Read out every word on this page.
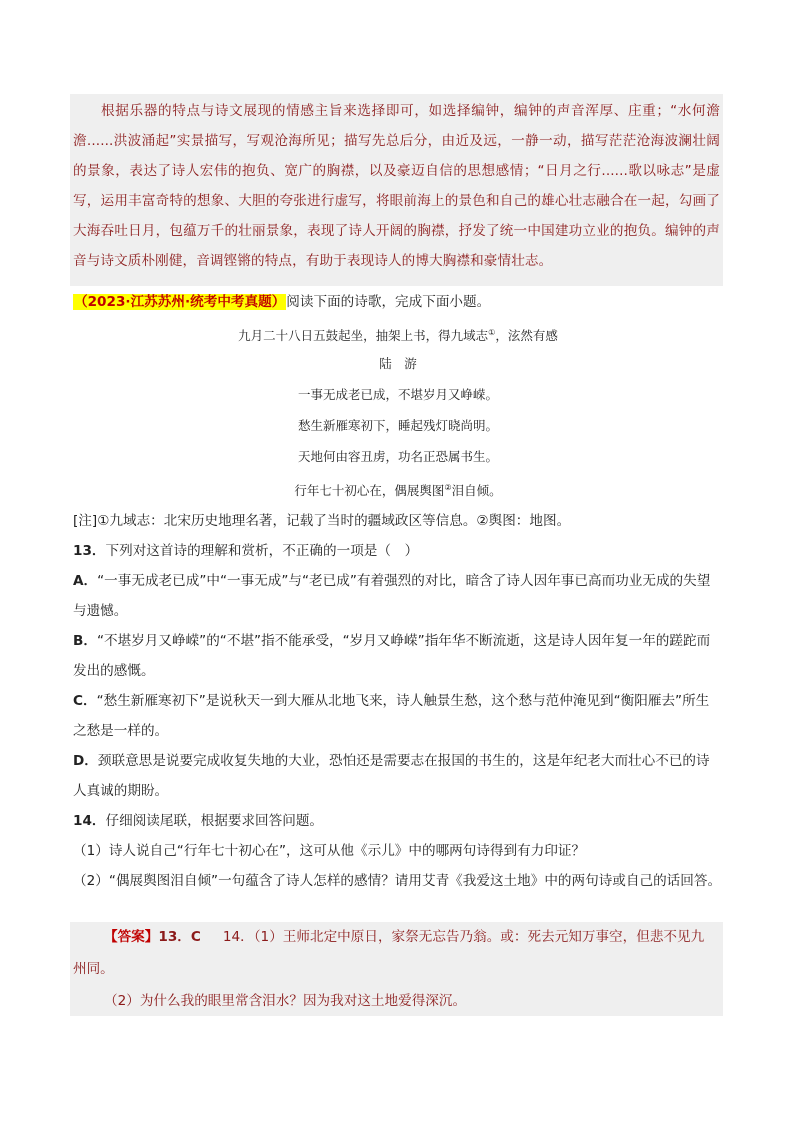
根据乐器的特点与诗文展现的情感主旨来选择即可，如选择编钟，编钟的声音浑厚、庄重；“水何澹澹......洪波涌起”实景描写，写观沧海所见；描写先总后分，由近及远，一静一动，描写茫茫沧海波澜壮阔的景象，表达了诗人宏伟的抱负、宽广的胸襟，以及豪迈自信的思想感情；“日月之行......歌以咏志”是虚写，运用丰富奇特的想象、大胆的夸张进行虚写，将眼前海上的景色和自己的雄心壮志融合在一起，勾画了大海吞吐日月，包蕴万千的壮丽景象，表现了诗人开阔的胸襟，抒发了统一中国建功立业的抱负。编钟的声音与诗文质朴刚健，音调铿锵的特点，有助于表现诗人的博大胸襟和豪情壮志。

（2023·江苏苏州·统考中考真题）阅读下面的诗歌，完成下面小题。
九月二十八日五鼓起坐，抽架上书，得九域志①，泫然有感
陆　游
一事无成老已成，不堪岁月又峥嵘。
愁生新雁寒初下，睡起残灯晓尚明。
天地何由容丑虏，功名正恐属书生。
行年七十初心在，偶展舆图②泪自倾。
[注]①九域志：北宋历史地理名著，记载了当时的疆域政区等信息。②舆图：地图。
13．下列对这首诗的理解和赏析，不正确的一项是（　）
A．“一事无成老已成”中“一事无成”与“老已成”有着强烈的对比，暗含了诗人因年事已高而功业无成的失望
与遗憾。
B．“不堪岁月又峥嵘”的“不堪”指不能承受，“岁月又峥嵘”指年华不断流逝，这是诗人因年复一年的蹉跎而
发出的感慨。
C．“愁生新雁寒初下”是说秋天一到大雁从北地飞来，诗人触景生愁，这个愁与范仲淹见到“衡阳雁去”所生
之愁是一样的。
D．颈联意思是说要完成收复失地的大业，恐怕还是需要志在报国的书生的，这是年纪老大而壮心不已的诗
人真诚的期盼。
14．仔细阅读尾联，根据要求回答问题。
（1）诗人说自己“行年七十初心在”，这可从他《示儿》中的哪两句诗得到有力印证？
（2）“偶展舆图泪自倾”一句蕴含了诗人怎样的感情？请用艾青《我爱这土地》中的两句诗或自己的话回答。
【答案】13．C 14．（1）王师北定中原日，家祭无忘告乃翁。或：死去元知万事空，但悲不见九
州同。
（2）为什么我的眼里常含泪水？因为我对这土地爱得深沉。
